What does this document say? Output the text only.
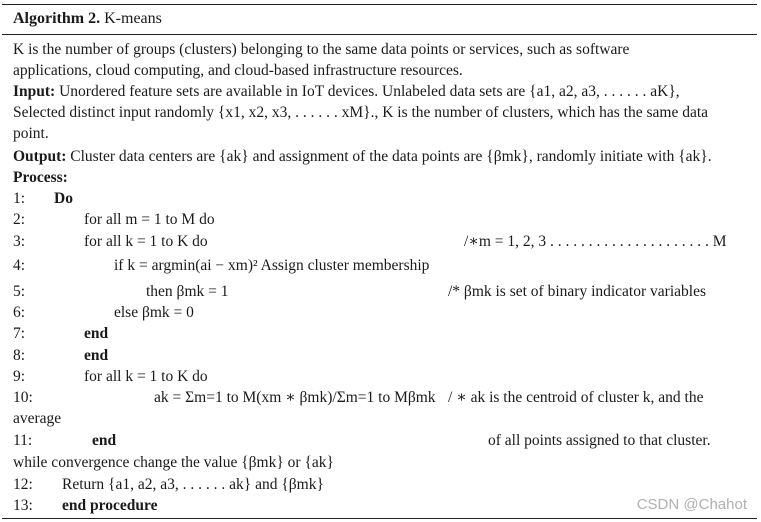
Algorithm 2. K-means
K is the number of groups (clusters) belonging to the same data points or services, such as software
applications, cloud computing, and cloud-based infrastructure resources.
Input: Unordered feature sets are available in IoT devices. Unlabeled data sets are {a1, a2, a3, . . . . . . aK},
Selected distinct input randomly {x1, x2, x3, . . . . . . xM}., K is the number of clusters, which has the same data
point.
Output: Cluster data centers are {ak} and assignment of the data points are {βmk}, randomly initiate with {ak}.
Process:
1: Do
2:	for all m = 1 to M do
3:	for all k = 1 to K do	/∗m = 1, 2, 3 . . . . . . . . . . . . . . . . . . . . . M
4:	if k = argmin(ai − xm)² Assign cluster membership
5:	then βmk = 1	/* βmk is set of binary indicator variables
6:	else βmk = 0
7:	end
8:	end
9:	for all k = 1 to K do
10:	ak = Σm=1 to M(xm ∗ βmk)/Σm=1 to Mβmk / ∗ ak is the centroid of cluster k, and the
average
11:	end	of all points assigned to that cluster.
while convergence change the value {βmk} or {ak}
12: Return {a1, a2, a3, . . . . . . ak} and {βmk}
13: end procedure	CSDN @Chahot
